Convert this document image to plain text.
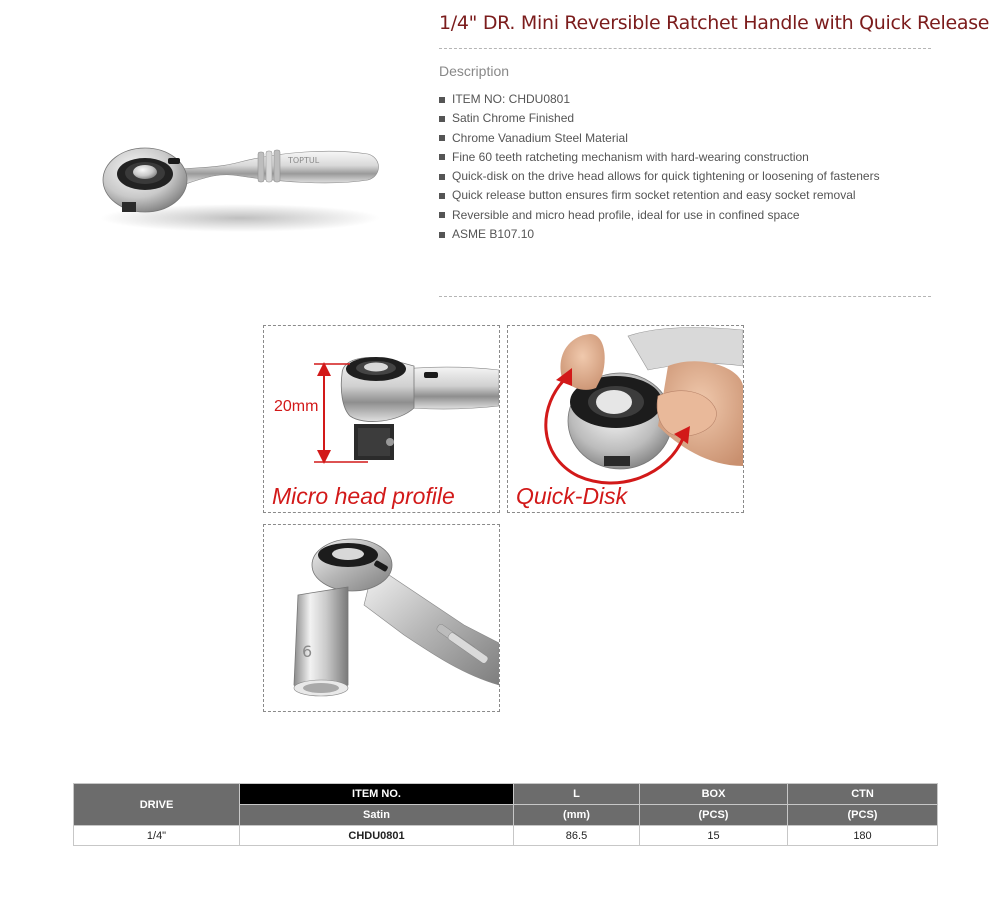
TOPTUL
1/4" DR. Mini Reversible Ratchet Handle with Quick Release
Description
ITEM NO: CHDU0801
Satin Chrome Finished
Chrome Vanadium Steel Material
Fine 60 teeth ratcheting mechanism with hard-wearing construction
Quick-disk on the drive head allows for quick tightening or loosening of fasteners
Quick release button ensures firm socket retention and easy socket removal
Reversible and micro head profile, ideal for use in confined space
ASME B107.10
20mm
Micro head profile	Quick-Disk
6
DRIVE	ITEM NO.	L	BOX	CTN
	Satin	(mm)	(PCS)	(PCS)
1/4"	CHDU0801	86.5	15	180
